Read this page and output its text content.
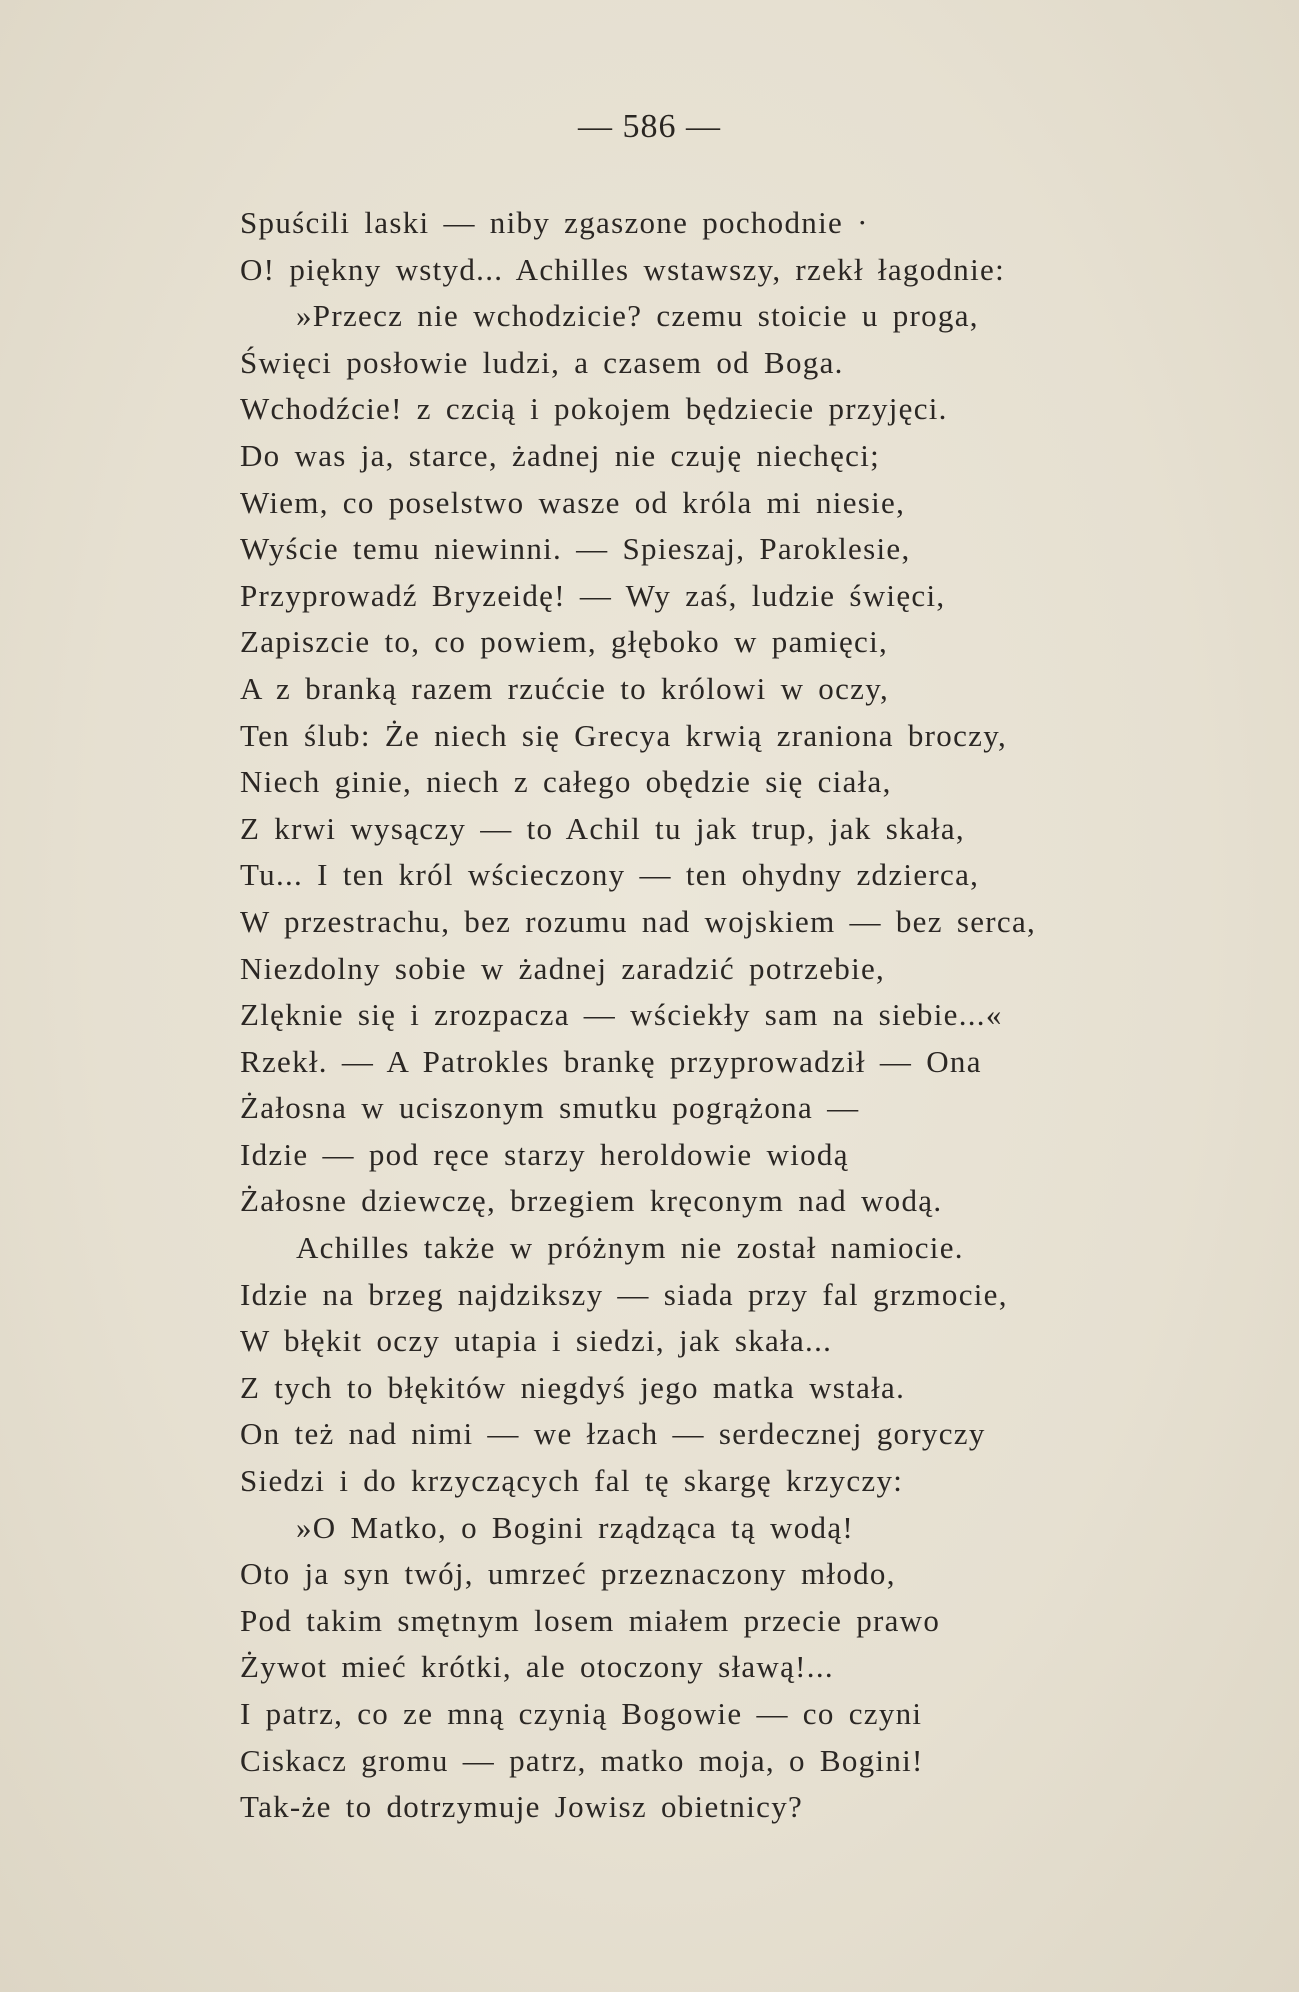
— 586 —
Spuścili laski — niby zgaszone pochodnie ·
O! piękny wstyd... Achilles wstawszy, rzekł łagodnie:
»Przecz nie wchodzicie? czemu stoicie u proga,
Święci posłowie ludzi, a czasem od Boga.
Wchodźcie! z czcią i pokojem będziecie przyjęci.
Do was ja, starce, żadnej nie czuję niechęci;
Wiem, co poselstwo wasze od króla mi niesie,
Wyście temu niewinni. — Spieszaj, Paroklesie,
Przyprowadź Bryzeidę! — Wy zaś, ludzie święci,
Zapiszcie to, co powiem, głęboko w pamięci,
A z branką razem rzućcie to królowi w oczy,
Ten ślub: Że niech się Grecya krwią zraniona broczy,
Niech ginie, niech z całego obędzie się ciała,
Z krwi wysączy — to Achil tu jak trup, jak skała,
Tu... I ten król wścieczony — ten ohydny zdzierca,
W przestrachu, bez rozumu nad wojskiem — bez serca,
Niezdolny sobie w żadnej zaradzić potrzebie,
Zlęknie się i zrozpacza — wściekły sam na siebie...«
Rzekł. — A Patrokles brankę przyprowadził — Ona
Żałosna w uciszonym smutku pogrążona —
Idzie — pod ręce starzy heroldowie wiodą
Żałosne dziewczę, brzegiem kręconym nad wodą.
Achilles także w próżnym nie został namiocie.
Idzie na brzeg najdzikszy — siada przy fal grzmocie,
W błękit oczy utapia i siedzi, jak skała...
Z tych to błękitów niegdyś jego matka wstała.
On też nad nimi — we łzach — serdecznej goryczy
Siedzi i do krzyczących fal tę skargę krzyczy:
»O Matko, o Bogini rządząca tą wodą!
Oto ja syn twój, umrzeć przeznaczony młodo,
Pod takim smętnym losem miałem przecie prawo
Żywot mieć krótki, ale otoczony sławą!...
I patrz, co ze mną czynią Bogowie — co czyni
Ciskacz gromu — patrz, matko moja, o Bogini!
Tak-że to dotrzymuje Jowisz obietnicy?
